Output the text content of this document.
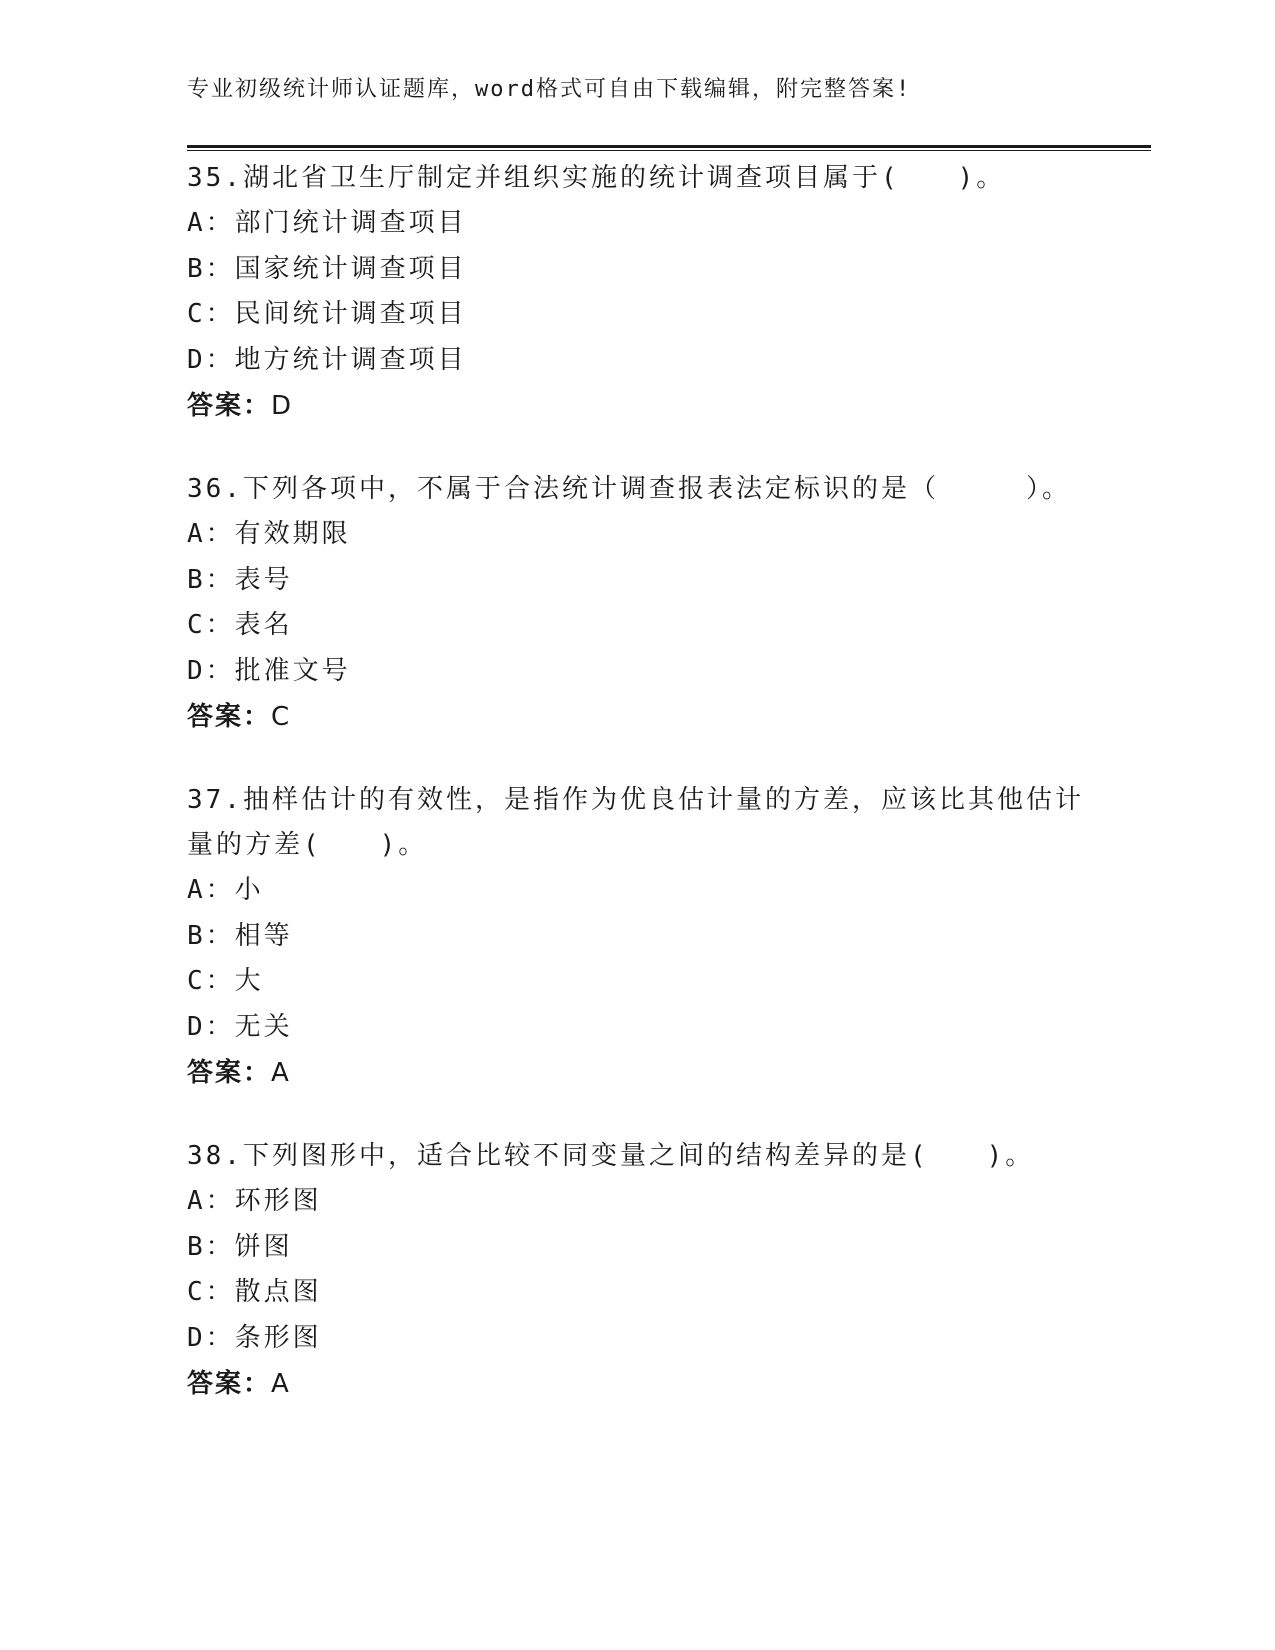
专业初级统计师认证题库，word格式可自由下载编辑，附完整答案!
35.湖北省卫生厅制定并组织实施的统计调查项目属于(　　)。
A：部门统计调查项目
B：国家统计调查项目
C：民间统计调查项目
D：地方统计调查项目
答案：D
36.下列各项中，不属于合法统计调查报表法定标识的是（　　　）。
A：有效期限
B：表号
C：表名
D：批准文号
答案：C
37.抽样估计的有效性，是指作为优良估计量的方差，应该比其他估计量的方差(　　)。
A：小
B：相等
C：大
D：无关
答案：A
38.下列图形中，适合比较不同变量之间的结构差异的是(　　)。
A：环形图
B：饼图
C：散点图
D：条形图
答案：A
